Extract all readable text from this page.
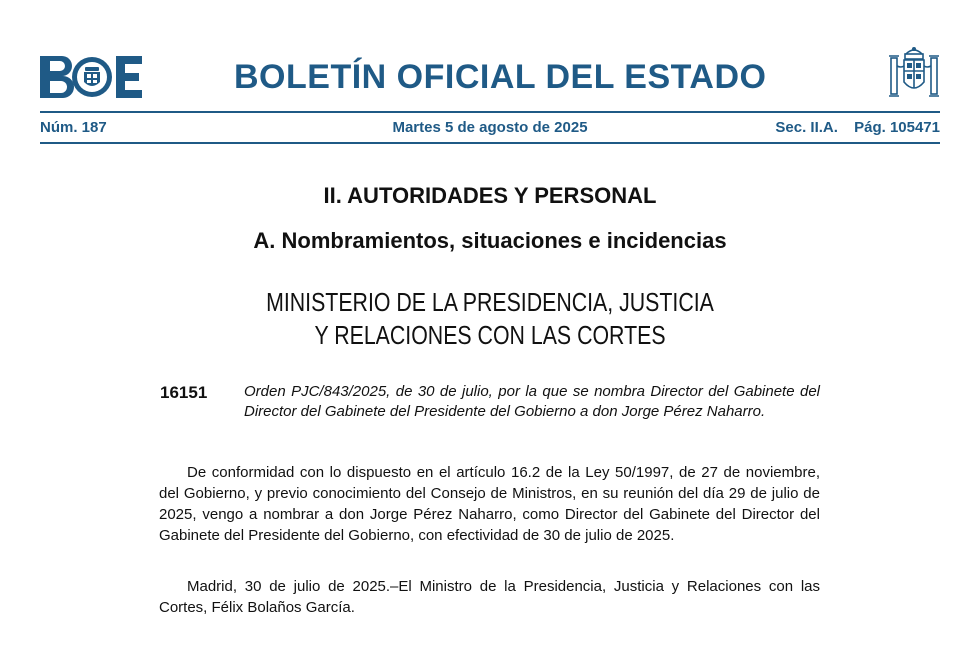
BOLETÍN OFICIAL DEL ESTADO
Núm. 187	Martes 5 de agosto de 2025	Sec. II.A. Pág. 105471
II. AUTORIDADES Y PERSONAL
A. Nombramientos, situaciones e incidencias
MINISTERIO DE LA PRESIDENCIA, JUSTICIA
Y RELACIONES CON LAS CORTES
16151 Orden PJC/843/2025, de 30 de julio, por la que se nombra Director del Gabinete del Director del Gabinete del Presidente del Gobierno a don Jorge Pérez Naharro.

De conformidad con lo dispuesto en el artículo 16.2 de la Ley 50/1997, de 27 de noviembre, del Gobierno, y previo conocimiento del Consejo de Ministros, en su reunión del día 29 de julio de 2025, vengo a nombrar a don Jorge Pérez Naharro, como Director del Gabinete del Director del Gabinete del Presidente del Gobierno, con efectividad de 30 de julio de 2025.

Madrid, 30 de julio de 2025.–El Ministro de la Presidencia, Justicia y Relaciones con las Cortes, Félix Bolaños García.
